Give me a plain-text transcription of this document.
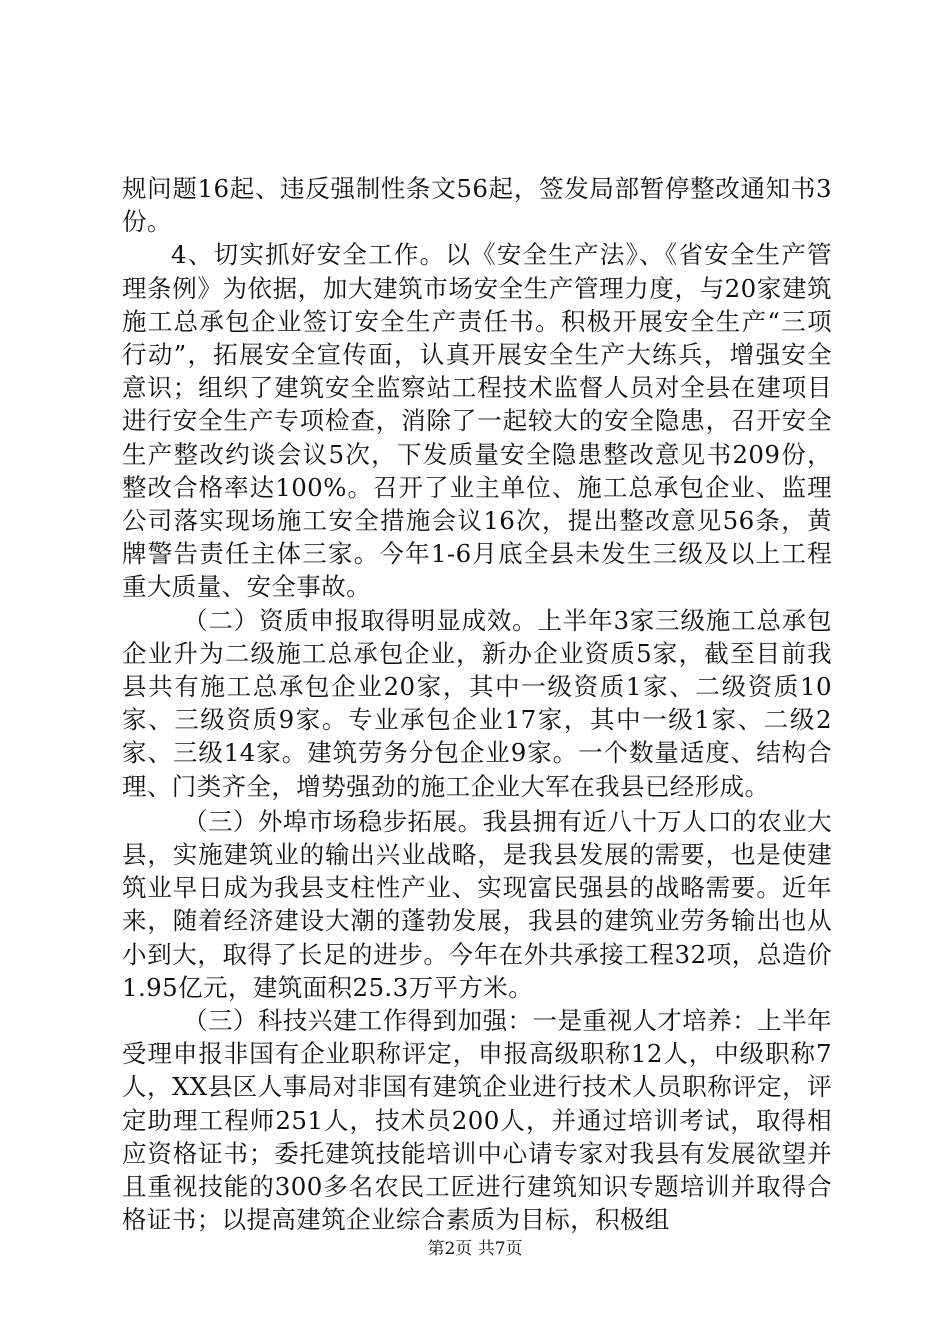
规问题16起、违反强制性条文56起，签发局部暂停整改通知书3份。

4、切实抓好安全工作。以《安全生产法》、《省安全生产管理条例》为依据，加大建筑市场安全生产管理力度，与20家建筑施工总承包企业签订安全生产责任书。积极开展安全生产“三项行动”，拓展安全宣传面，认真开展安全生产大练兵，增强安全意识；组织了建筑安全监察站工程技术监督人员对全县在建项目进行安全生产专项检查，消除了一起较大的安全隐患，召开安全生产整改约谈会议5次，下发质量安全隐患整改意见书209份，整改合格率达100%。召开了业主单位、施工总承包企业、监理公司落实现场施工安全措施会议16次，提出整改意见56条，黄牌警告责任主体三家。今年1-6月底全县未发生三级及以上工程重大质量、安全事故。

（二）资质申报取得明显成效。上半年3家三级施工总承包企业升为二级施工总承包企业，新办企业资质5家，截至目前我县共有施工总承包企业20家，其中一级资质1家、二级资质10家、三级资质9家。专业承包企业17家，其中一级1家、二级2家、三级14家。建筑劳务分包企业9家。一个数量适度、结构合理、门类齐全，增势强劲的施工企业大军在我县已经形成。

（三）外埠市场稳步拓展。我县拥有近八十万人口的农业大县，实施建筑业的输出兴业战略，是我县发展的需要，也是使建筑业早日成为我县支柱性产业、实现富民强县的战略需要。近年来，随着经济建设大潮的蓬勃发展，我县的建筑业劳务输出也从小到大，取得了长足的进步。今年在外共承接工程32项，总造价1.95亿元，建筑面积25.3万平方米。

（三）科技兴建工作得到加强：一是重视人才培养：上半年受理申报非国有企业职称评定，申报高级职称12人，中级职称7人，XX县区人事局对非国有建筑企业进行技术人员职称评定，评定助理工程师251人，技术员200人，并通过培训考试，取得相应资格证书；委托建筑技能培训中心请专家对我县有发展欲望并且重视技能的300多名农民工匠进行建筑知识专题培训并取得合格证书；以提高建筑企业综合素质为目标，积极组

第2页 共7页
